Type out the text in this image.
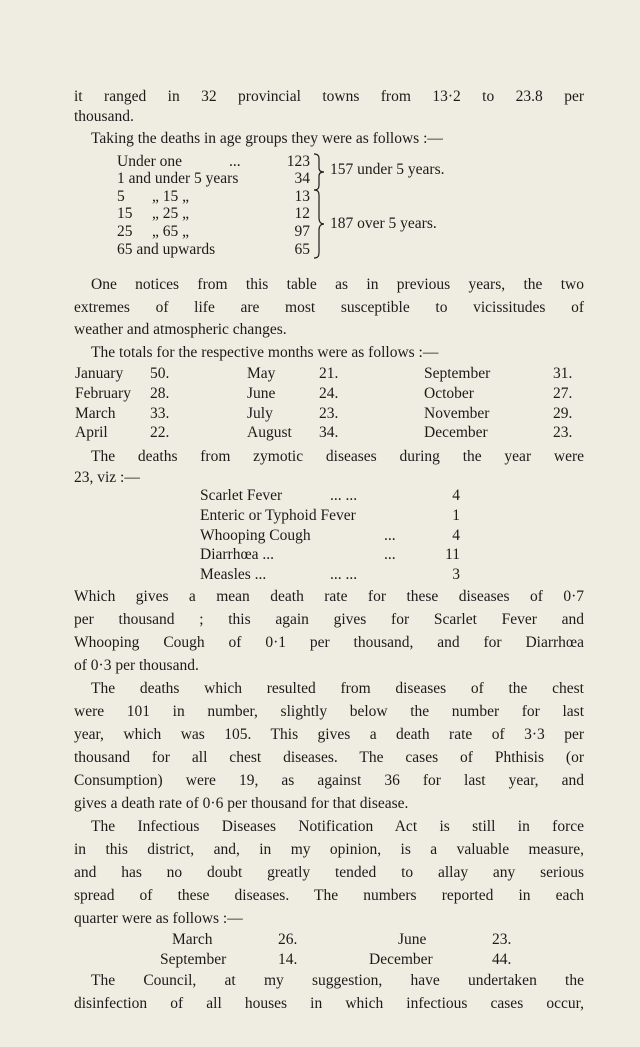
it ranged in 32 provincial towns from 13·2 to 23.8 per
thousand.
Taking the deaths in age groups they were as follows :—
Under one	...	123
1 and under 5 years	34
5 „ 15 „	13
15 „ 25 „	12
25 „ 65 „	97
65 and upwards	65
157 under 5 years.
187 over 5 years.
One notices from this table as in previous years, the two
extremes of life are most susceptible to vicissitudes of
weather and atmospheric changes.
The totals for the respective months were as follows :—
January 50.	May	21.	September	31.
February 28.	June	24.	October	27.
March 33.	July	23.	November	29.
April	22.	August 34.	December	23.
The deaths from zymotic diseases during the year were
23, viz :—
Scarlet Fever	... ...	4
Enteric or Typhoid Fever	1
Whooping Cough	...	4
Diarrhœa ...	...	11
Measles ...	... ...	3
Which gives a mean death rate for these diseases of 0·7
per thousand ; this again gives for Scarlet Fever and
Whooping Cough of 0·1 per thousand, and for Diarrhœa
of 0·3 per thousand.
The deaths which resulted from diseases of the chest
were 101 in number, slightly below the number for last
year, which was 105. This gives a death rate of 3·3 per
thousand for all chest diseases. The cases of Phthisis (or
Consumption) were 19, as against 36 for last year, and
gives a death rate of 0·6 per thousand for that disease.
The Infectious Diseases Notification Act is still in force
in this district, and, in my opinion, is a valuable measure,
and has no doubt greatly tended to allay any serious
spread of these diseases. The numbers reported in each
quarter were as follows :—
March	26.	June	23.
September	14.	December	44.
The Council, at my suggestion, have undertaken the
disinfection of all houses in which infectious cases occur,
